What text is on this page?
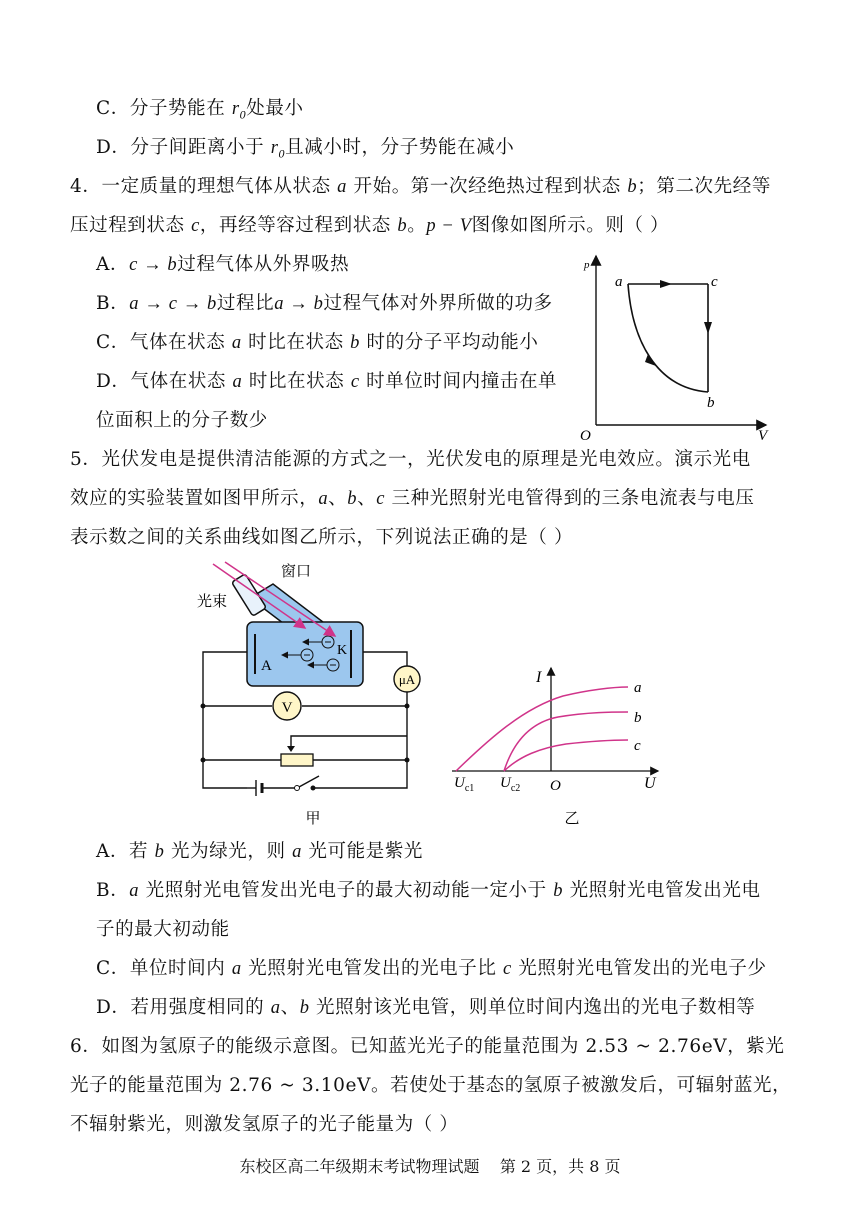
C．分子势能在 $r_0$处最小
D．分子间距离小于 $r_0$且减小时，分子势能在减小
4．一定质量的理想气体从状态 a 开始。第一次经绝热过程到状态 b；第二次先经等
压过程到状态 c，再经等容过程到状态 b。p − V图像如图所示。则（ ）
A．c → b过程气体从外界吸热
B．a → c → b过程比a → b过程气体对外界所做的功多
C．气体在状态 a 时比在状态 b 时的分子平均动能小
D．气体在状态 a 时比在状态 c 时单位时间内撞击在单
位面积上的分子数少
p
V
O
a	c
b
5．光伏发电是提供清洁能源的方式之一，光伏发电的原理是光电效应。演示光电
效应的实验装置如图甲所示，a、b、c 三种光照射光电管得到的三条电流表与电压
表示数之间的关系曲线如图乙所示，下列说法正确的是（ ）
A
K
光束
窗口
μA
V
甲
I
U
O
a
b
c
$U_{c1}$ $U_{c2}$
乙
A．若 b 光为绿光，则 a 光可能是紫光
B．a 光照射光电管发出光电子的最大初动能一定小于 b 光照射光电管发出光电
子的最大初动能
C．单位时间内 a 光照射光电管发出的光电子比 c 光照射光电管发出的光电子少
D．若用强度相同的 a、b 光照射该光电管，则单位时间内逸出的光电子数相等
6．如图为氢原子的能级示意图。已知蓝光光子的能量范围为 2.53 ~ 2.76eV，紫光
光子的能量范围为 2.76 ~ 3.10eV。若使处于基态的氢原子被激发后，可辐射蓝光，
不辐射紫光，则激发氢原子的光子能量为（ ）
东校区高二年级期末考试物理试题    第 2 页，共 8 页
